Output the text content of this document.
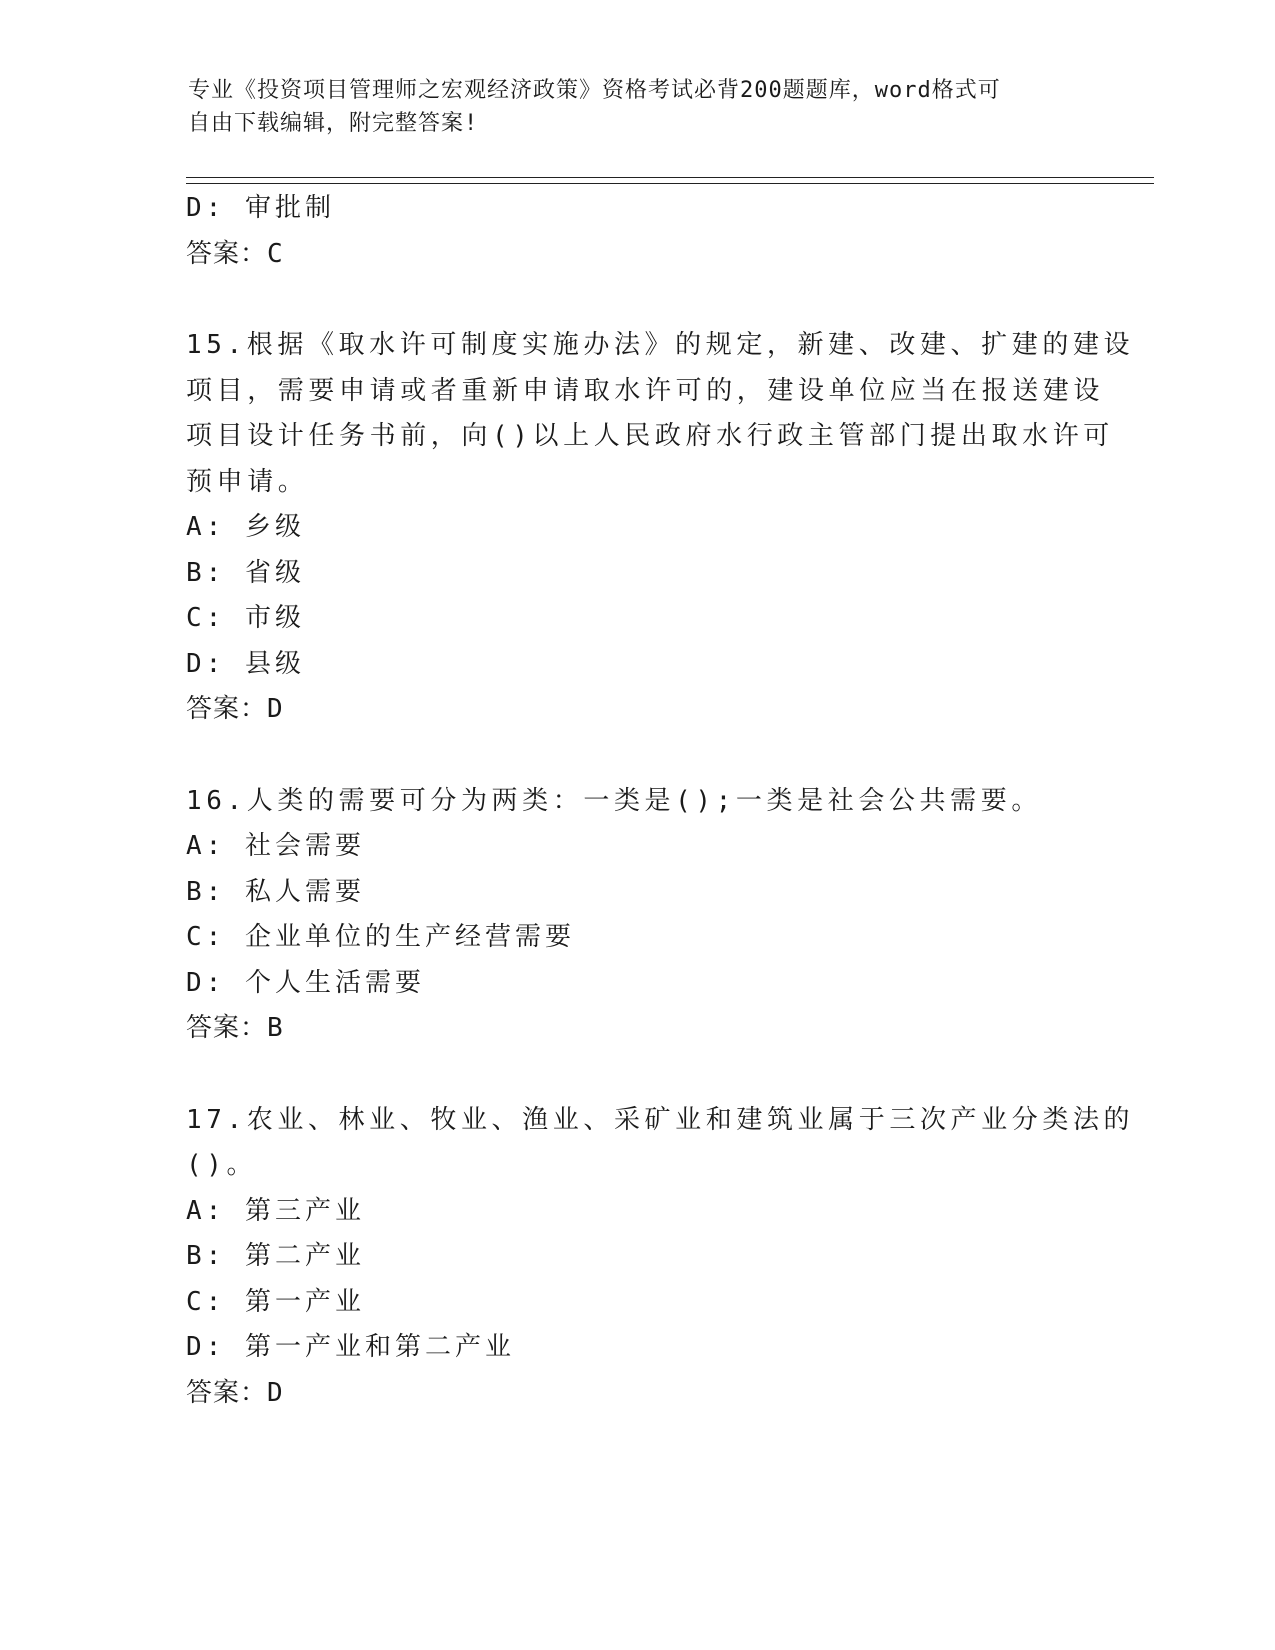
专业《投资项目管理师之宏观经济政策》资格考试必背200题题库，word格式可
自由下载编辑，附完整答案!
D: 审批制
答案：C
15.根据《取水许可制度实施办法》的规定，新建、改建、扩建的建设
项目，需要申请或者重新申请取水许可的，建设单位应当在报送建设
项目设计任务书前，向()以上人民政府水行政主管部门提出取水许可
预申请。
A: 乡级
B: 省级
C: 市级
D: 县级
答案：D
16.人类的需要可分为两类：一类是();一类是社会公共需要。
A: 社会需要
B: 私人需要
C: 企业单位的生产经营需要
D: 个人生活需要
答案：B
17.农业、林业、牧业、渔业、采矿业和建筑业属于三次产业分类法的
()。
A: 第三产业
B: 第二产业
C: 第一产业
D: 第一产业和第二产业
答案：D
